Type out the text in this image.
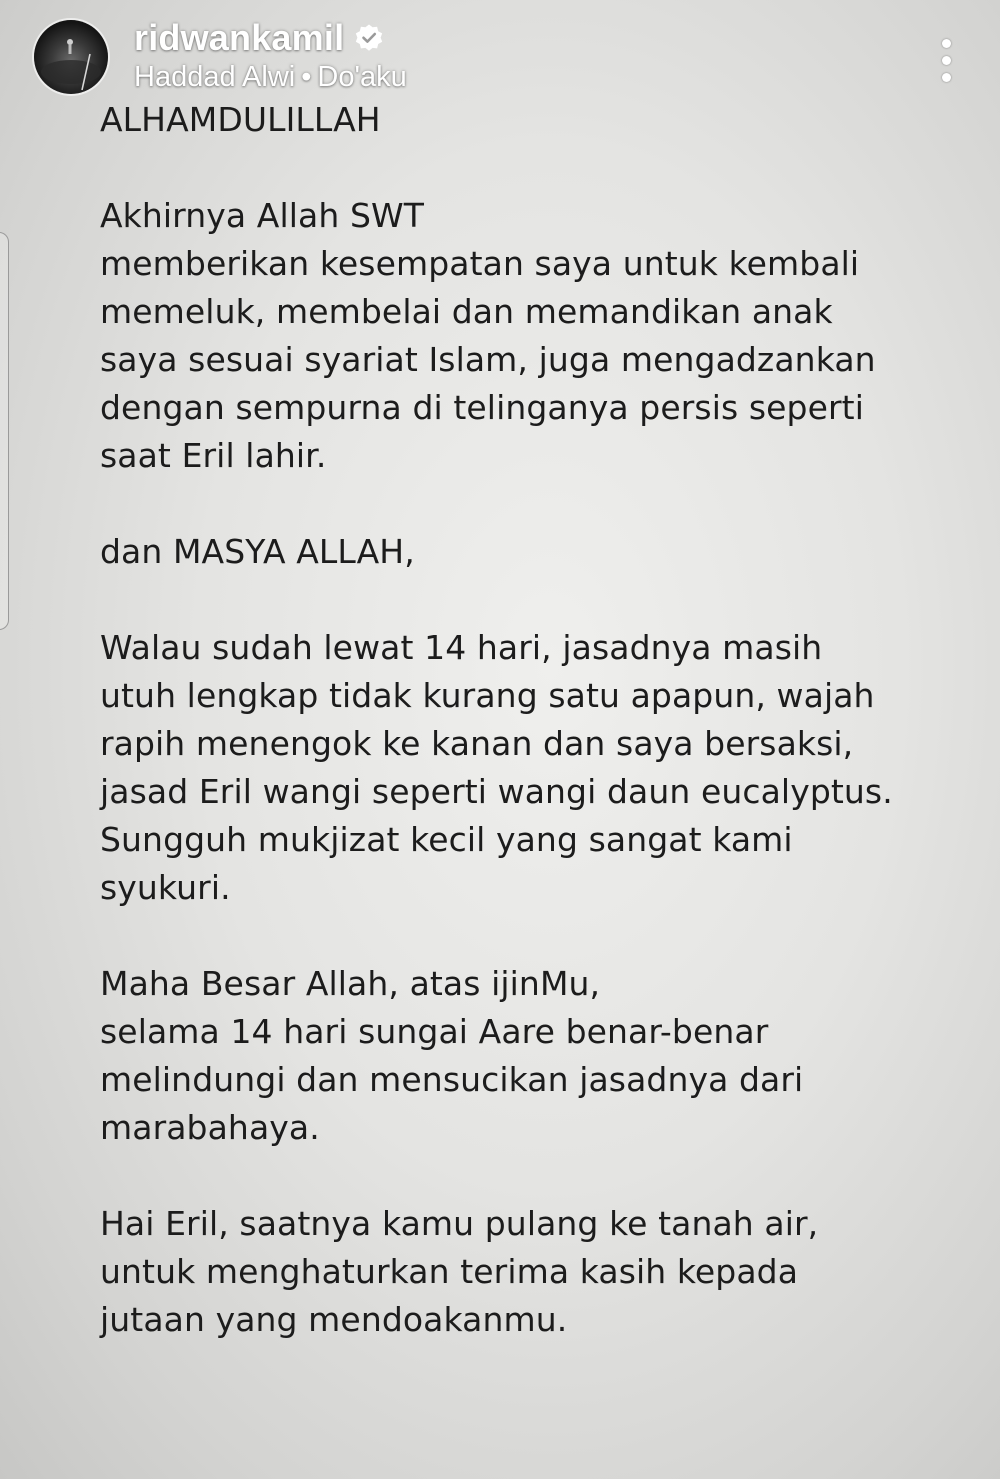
ridwankamil
Haddad Alwi • Do'aku

ALHAMDULILLAH

Akhirnya Allah SWT
memberikan kesempatan saya untuk kembali
memeluk, membelai dan memandikan anak
saya sesuai syariat Islam, juga mengadzankan
dengan sempurna di telinganya persis seperti
saat Eril lahir.

dan MASYA ALLAH,

Walau sudah lewat 14 hari, jasadnya masih
utuh lengkap tidak kurang satu apapun, wajah
rapih menengok ke kanan dan saya bersaksi,
jasad Eril wangi seperti wangi daun eucalyptus.
Sungguh mukjizat kecil yang sangat kami
syukuri.

Maha Besar Allah, atas ijinMu,
selama 14 hari sungai Aare benar-benar
melindungi dan mensucikan jasadnya dari
marabahaya.

Hai Eril, saatnya kamu pulang ke tanah air,
untuk menghaturkan terima kasih kepada
jutaan yang mendoakanmu.
